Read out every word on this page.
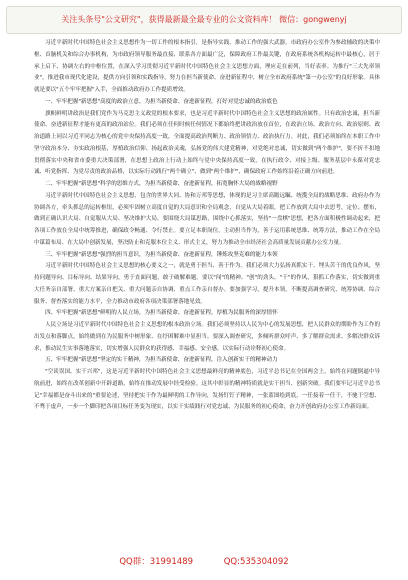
关注头条号"公文研究"，获得最新最全最专业的公文资料库！ 微信：gongwenyj

习近平新时代中国特色社会主义思想作为一切工作的根本指引，是指导实践、推动工作的强大武器。市政府办公室作为参政辅政的决策中枢、首脑机关和综合办事机构，为市政府领导服务最直接、联系各方面最广泛，保障政府工作最关键，在政府系统各机构运转中最核心，居于承上启下、协调左右的中枢位置，在深入学习贯彻习近平新时代中国特色社会主义思想方面，理应走在前列，当好表率。为推行"三大先率领业"，推进我市现代化建设，提供方向引领和实践指导，努力在担当新使命、奋进新征程中，树立全市政府系统"第一办公室"的良好形象。具体就是要以"五个牢牢把握"入手，全面推动政府办工作提质增效。

一、牢牢把握"新思想"高度的政治立意，为担当新使命、奋进新征程，打好对党忠诚的政治底色

旗帜鲜明讲政治是我们党作为马克思主义政党的根本要求，也是习近平新时代中国特色社会主义思想的政治属性。只有政治忠诚，担当新使命、奋进新征程才能有更高的政治站位。我们必须在任何时候任何情况下都始终把讲政治放在首位，在政治立场、政治方向、政治原则、政治道路上同以习近平同志为核心的党中央保持高度一致，全面提高政治判断力、政治领悟力、政治执行力。对此，我们必须始终在本职工作中坚守政治本分、夯实政治根基，厚植政治信仰、扬起政治灵魂，弘扬党的伟大建党精神，对党绝对忠诚，切实做到"两个维护"，要不折不扣地贯彻落实中央和省市委重大决策部署，在思想上政治上行动上始终与党中央保持高度一致，在执行政令、对接上级、服务基层中永葆对党忠诚、听党指挥、为党尽责的政治品格，以实际行动践行"两个确立"、做到"两个维护"，确保政府工作始终沿着正确方向前进。

二、牢牢把握"新思想"科学的思维方式，为担当新使命、奋进新征程，拓宽胸怀大局的战略视野

习近平新时代中国特色社会主义思想，包含的世界大同、协和万邦等思想，体现的是习主席高瞻远瞩、统揽全局的战略思维、政府办作为协调各方，牵头抓总的运转枢纽，必须牢固树立高度自觉的大局意识和全局观念，自觉从大局着眼，把工作放到大局中去思考，定位、摆布，做到正确认识大局、自觉服从大局、坚决维护大局。要围绕大局谋思路，围绕中心抓落实，坚持"一盘棋"思想，把各方面积极性调动起来，把各项工作放在全局中统筹推进，确保政令畅通、令行禁止。要立足本职岗位，主动担当作为，善于运用系统思维、统筹方法，推动工作在全局中谋篇布局、在大局中创新发展，坚决防止和克服本位主义、形式主义，努力为推动全市经济社会高质量发展贡献办公室力量。

三、牢牢把握"新思想"强烈的担当意识，为担当新使命、奋进新征程，锤炼攻坚克难的能力本领

习近平新时代中国特色社会主义思想的核心要义之一，就是勇于担当、善于作为。我们必须大力弘扬真抓实干、埋头苦干的优良作风，坚持问题导向、目标导向、结果导向，勇于直面问题，敢于破解难题。要以"闯"的精神、"创"的劲头、"干"的作风，狠抓工作落实，切实做到重大任务亲自部署、重大方案亲自把关、重大问题亲自协调、重点工作亲自督办。要加强学习，提升本领，不断提高调查研究、统筹协调、综合服务、督查落实的能力水平，全力推动市政府各项决策部署落地见效。

四、牢牢把握"新思想"鲜明的人民立场，为担当新使命、奋进新征程，厚植为民服务的深厚情怀

人民立场是习近平新时代中国特色社会主义思想的根本政治立场。我们必须坚持以人民为中心的发展思想，把人民群众的期盼作为工作的出发点和落脚点，始终做到在为民服务中树形象、在纾困解难中显担当。要深入调查研究，多倾听群众呼声、多了解群众需求、多解决群众诉求，推动民生实事落地落实，切实增强人民群众的获得感、幸福感、安全感，以实际行动诠释初心使命。

五、牢牢把握"新思想"坚定的实干精神，为担当新使命、奋进新征程，注入创新实干的精神动力

"空谈误国、实干兴邦"，这是习近平新时代中国特色社会主义思想最鲜亮的精神底色，习近平总书记在全国两会上，始终在问题倒逼中导航前进，始终在改革创新中开辟道路，始终在推动发展中经受检验。这其中彰显的精神特质就是实干担当、创新突破。我们要牢记习近平总书记"幸福都是奋斗出来的"重要论述，坚持把实干作为最鲜明的工作导向，发扬钉钉子精神，一张蓝图绘到底，一任接着一任干，不驰于空想、不骛于虚声，一步一个脚印把各项目标任务变为现实，以实干实绩践行对党忠诚、为民服务的初心使命，奋力开创政府办公室工作新局面。

QQ群：31991489	QQ:535304092
